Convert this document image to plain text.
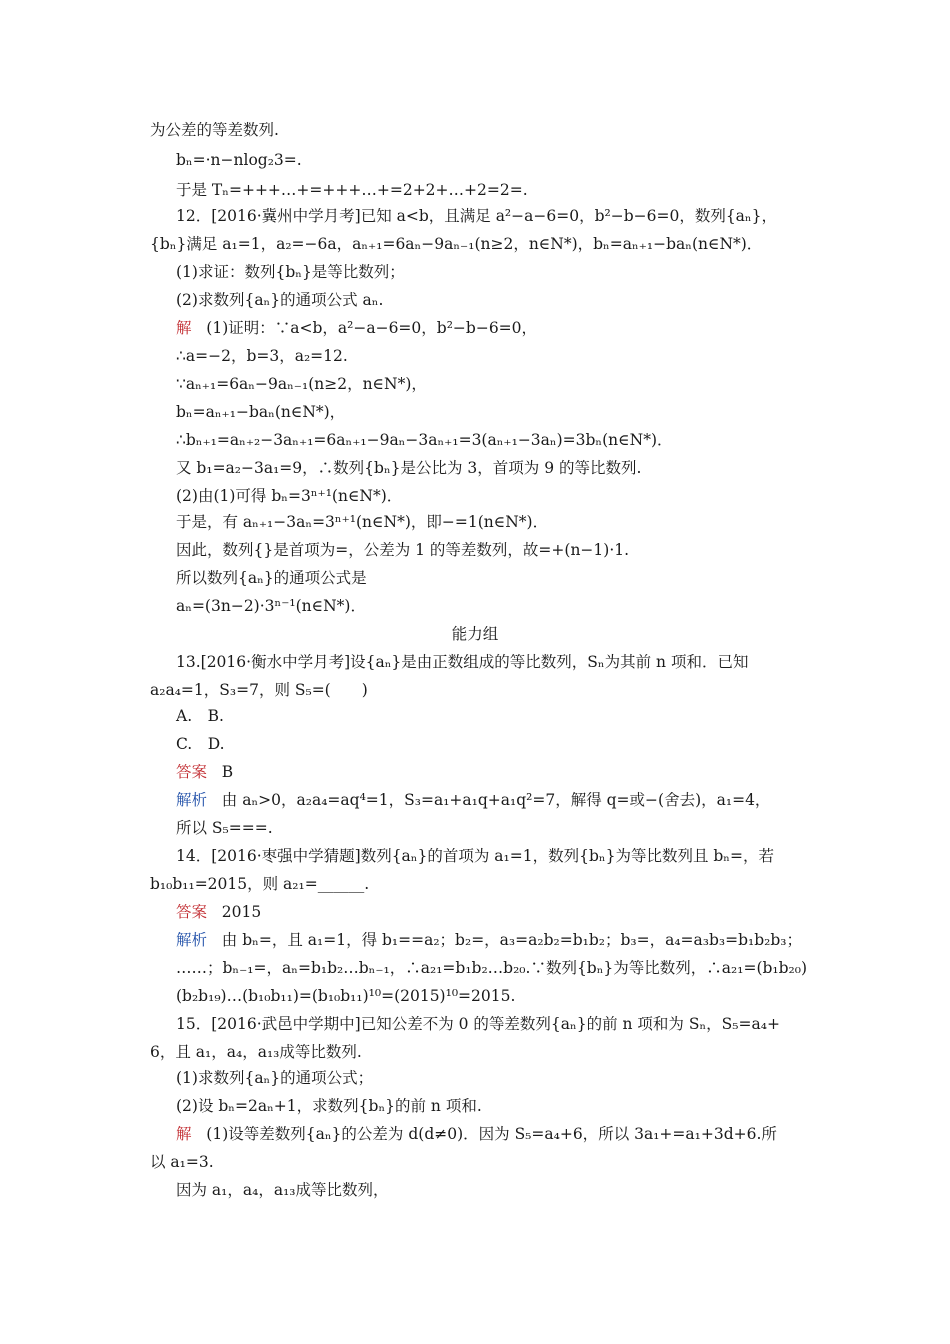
为公差的等差数列.
bₙ=·n−nlog₂3=.
于是 Tₙ=+++…+=+++…+=2+2+…+2=2=.
12．[2016·冀州中学月考]已知 a<b，且满足 a²−a−6=0，b²−b−6=0，数列{aₙ}，
{bₙ}满足 a₁=1，a₂=−6a，aₙ₊₁=6aₙ−9aₙ₋₁(n≥2，n∈N*)，bₙ=aₙ₊₁−baₙ(n∈N*)．
(1)求证：数列{bₙ}是等比数列；
(2)求数列{aₙ}的通项公式 aₙ.
解 (1)证明：∵a<b，a²−a−6=0，b²−b−6=0，
∴a=−2，b=3，a₂=12.
∵aₙ₊₁=6aₙ−9aₙ₋₁(n≥2，n∈N*)，
bₙ=aₙ₊₁−baₙ(n∈N*)，
∴bₙ₊₁=aₙ₊₂−3aₙ₊₁=6aₙ₊₁−9aₙ−3aₙ₊₁=3(aₙ₊₁−3aₙ)=3bₙ(n∈N*)．
又 b₁=a₂−3a₁=9，∴数列{bₙ}是公比为 3，首项为 9 的等比数列.
(2)由(1)可得 bₙ=3ⁿ⁺¹(n∈N*)．
于是，有 aₙ₊₁−3aₙ=3ⁿ⁺¹(n∈N*)，即−=1(n∈N*)．
因此，数列{}是首项为=，公差为 1 的等差数列，故=+(n−1)·1.
所以数列{aₙ}的通项公式是
aₙ=(3n−2)·3ⁿ⁻¹(n∈N*)．
能力组
13.[2016·衡水中学月考]设{aₙ}是由正数组成的等比数列，Sₙ为其前 n 项和．已知
a₂a₄=1，S₃=7，则 S₅=(　　)
A.　B.
C.　D.
答案 B
解析 由 aₙ>0，a₂a₄=aq⁴=1，S₃=a₁+a₁q+a₁q²=7，解得 q=或−(舍去)，a₁=4，
所以 S₅===.
14．[2016·枣强中学猜题]数列{aₙ}的首项为 a₁=1，数列{bₙ}为等比数列且 bₙ=，若
b₁₀b₁₁=2015，则 a₂₁=______.
答案 2015
解析 由 bₙ=，且 a₁=1，得 b₁==a₂；b₂=，a₃=a₂b₂=b₁b₂；b₃=，a₄=a₃b₃=b₁b₂b₃；
……；bₙ₋₁=，aₙ=b₁b₂…bₙ₋₁，∴a₂₁=b₁b₂…b₂₀.∵数列{bₙ}为等比数列，∴a₂₁=(b₁b₂₀)
(b₂b₁₉)…(b₁₀b₁₁)=(b₁₀b₁₁)¹⁰=(2015)¹⁰=2015.
15．[2016·武邑中学期中]已知公差不为 0 的等差数列{aₙ}的前 n 项和为 Sₙ，S₅=a₄+
6，且 a₁，a₄，a₁₃成等比数列.
(1)求数列{aₙ}的通项公式；
(2)设 bₙ=2aₙ+1，求数列{bₙ}的前 n 项和.
解 (1)设等差数列{aₙ}的公差为 d(d≠0)．因为 S₅=a₄+6，所以 3a₁+=a₁+3d+6.所
以 a₁=3.
因为 a₁，a₄，a₁₃成等比数列，
